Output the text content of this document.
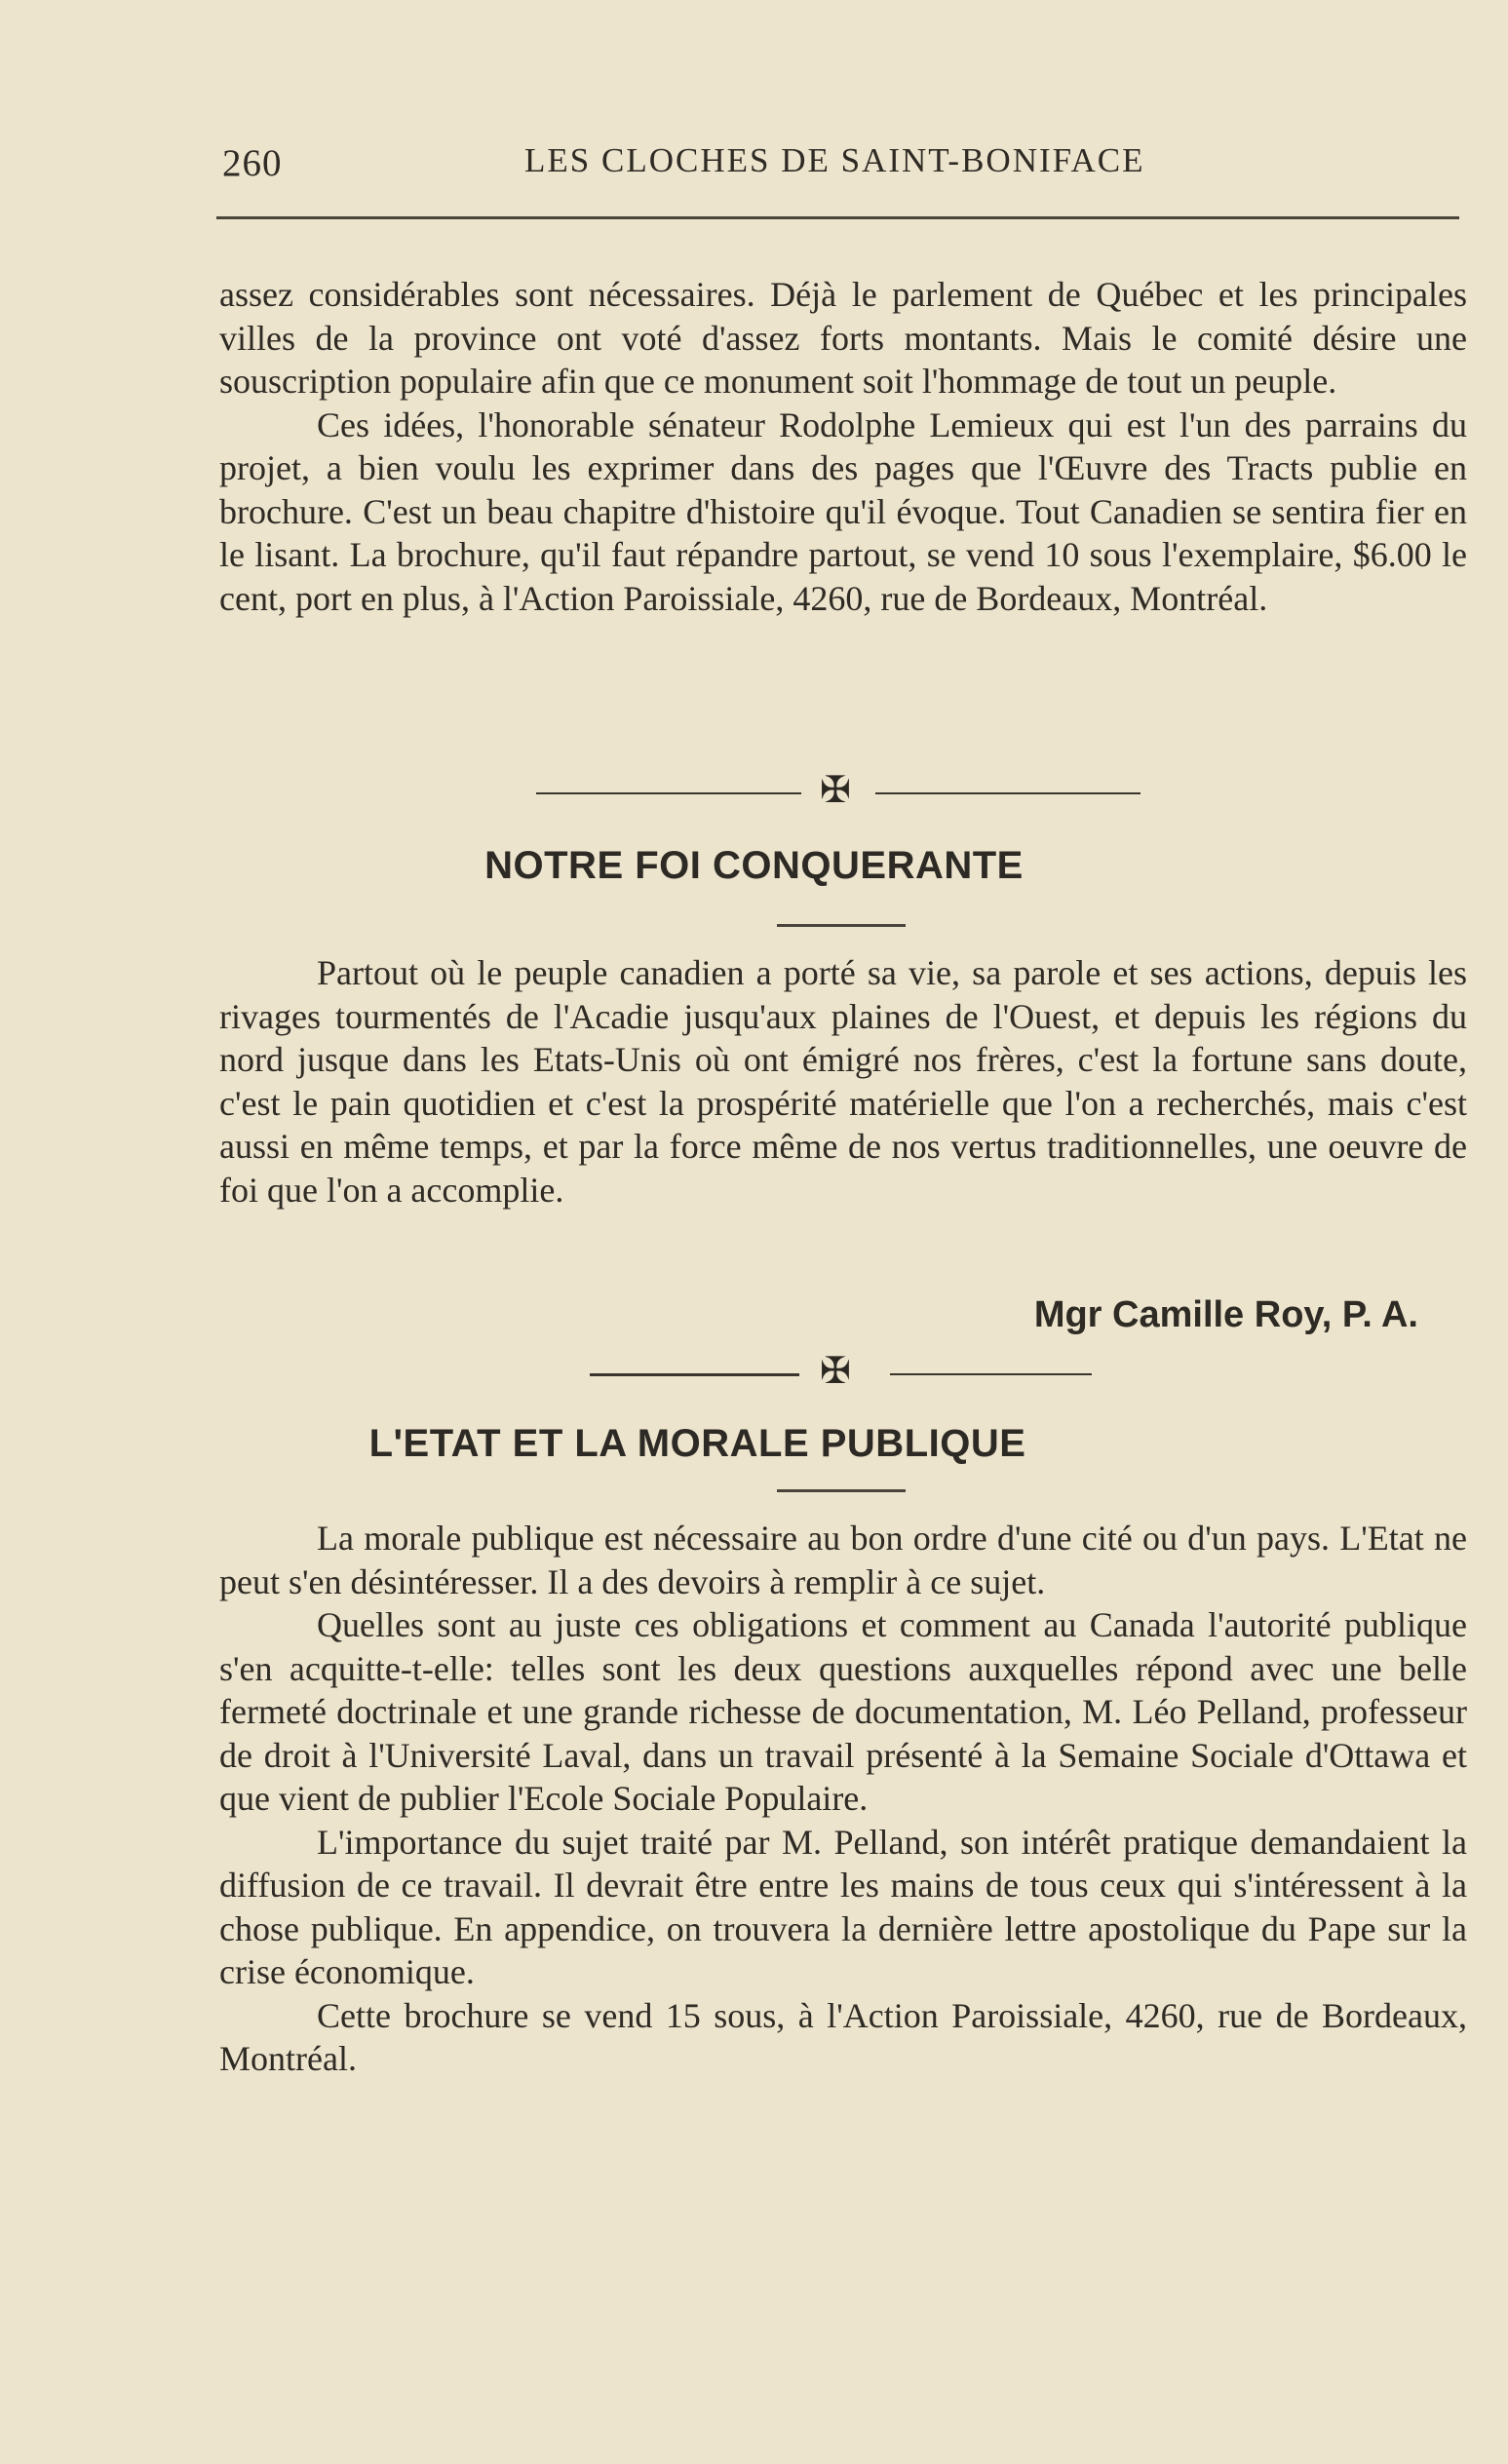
260	LES CLOCHES DE SAINT-BONIFACE

assez considérables sont nécessaires. Déjà le parlement de Québec et les principales villes de la province ont voté d'assez forts montants. Mais le comité désire une souscription populaire afin que ce monument soit l'hommage de tout un peuple.

Ces idées, l'honorable sénateur Rodolphe Lemieux qui est l'un des parrains du projet, a bien voulu les exprimer dans des pages que l'Œuvre des Tracts publie en brochure. C'est un beau chapitre d'histoire qu'il évoque. Tout Canadien se sentira fier en le lisant. La brochure, qu'il faut répandre partout, se vend 10 sous l'exemplaire, $6.00 le cent, port en plus, à l'Action Paroissiale, 4260, rue de Bordeaux, Montréal.

✠
NOTRE FOI CONQUERANTE

Partout où le peuple canadien a porté sa vie, sa parole et ses actions, depuis les rivages tourmentés de l'Acadie jusqu'aux plaines de l'Ouest, et depuis les régions du nord jusque dans les Etats-Unis où ont émigré nos frères, c'est la fortune sans doute, c'est le pain quotidien et c'est la prospérité matérielle que l'on a recherchés, mais c'est aussi en même temps, et par la force même de nos vertus traditionnelles, une oeuvre de foi que l'on a accomplie.

Mgr Camille Roy, P. A.
✠
L'ETAT ET LA MORALE PUBLIQUE

La morale publique est nécessaire au bon ordre d'une cité ou d'un pays. L'Etat ne peut s'en désintéresser. Il a des devoirs à remplir à ce sujet.

Quelles sont au juste ces obligations et comment au Canada l'autorité publique s'en acquitte-t-elle: telles sont les deux questions auxquelles répond avec une belle fermeté doctrinale et une grande richesse de documentation, M. Léo Pelland, professeur de droit à l'Université Laval, dans un travail présenté à la Semaine Sociale d'Ottawa et que vient de publier l'Ecole Sociale Populaire.

L'importance du sujet traité par M. Pelland, son intérêt pratique demandaient la diffusion de ce travail. Il devrait être entre les mains de tous ceux qui s'intéressent à la chose publique. En appendice, on trouvera la dernière lettre apostolique du Pape sur la crise économique.

Cette brochure se vend 15 sous, à l'Action Paroissiale, 4260, rue de Bordeaux, Montréal.
